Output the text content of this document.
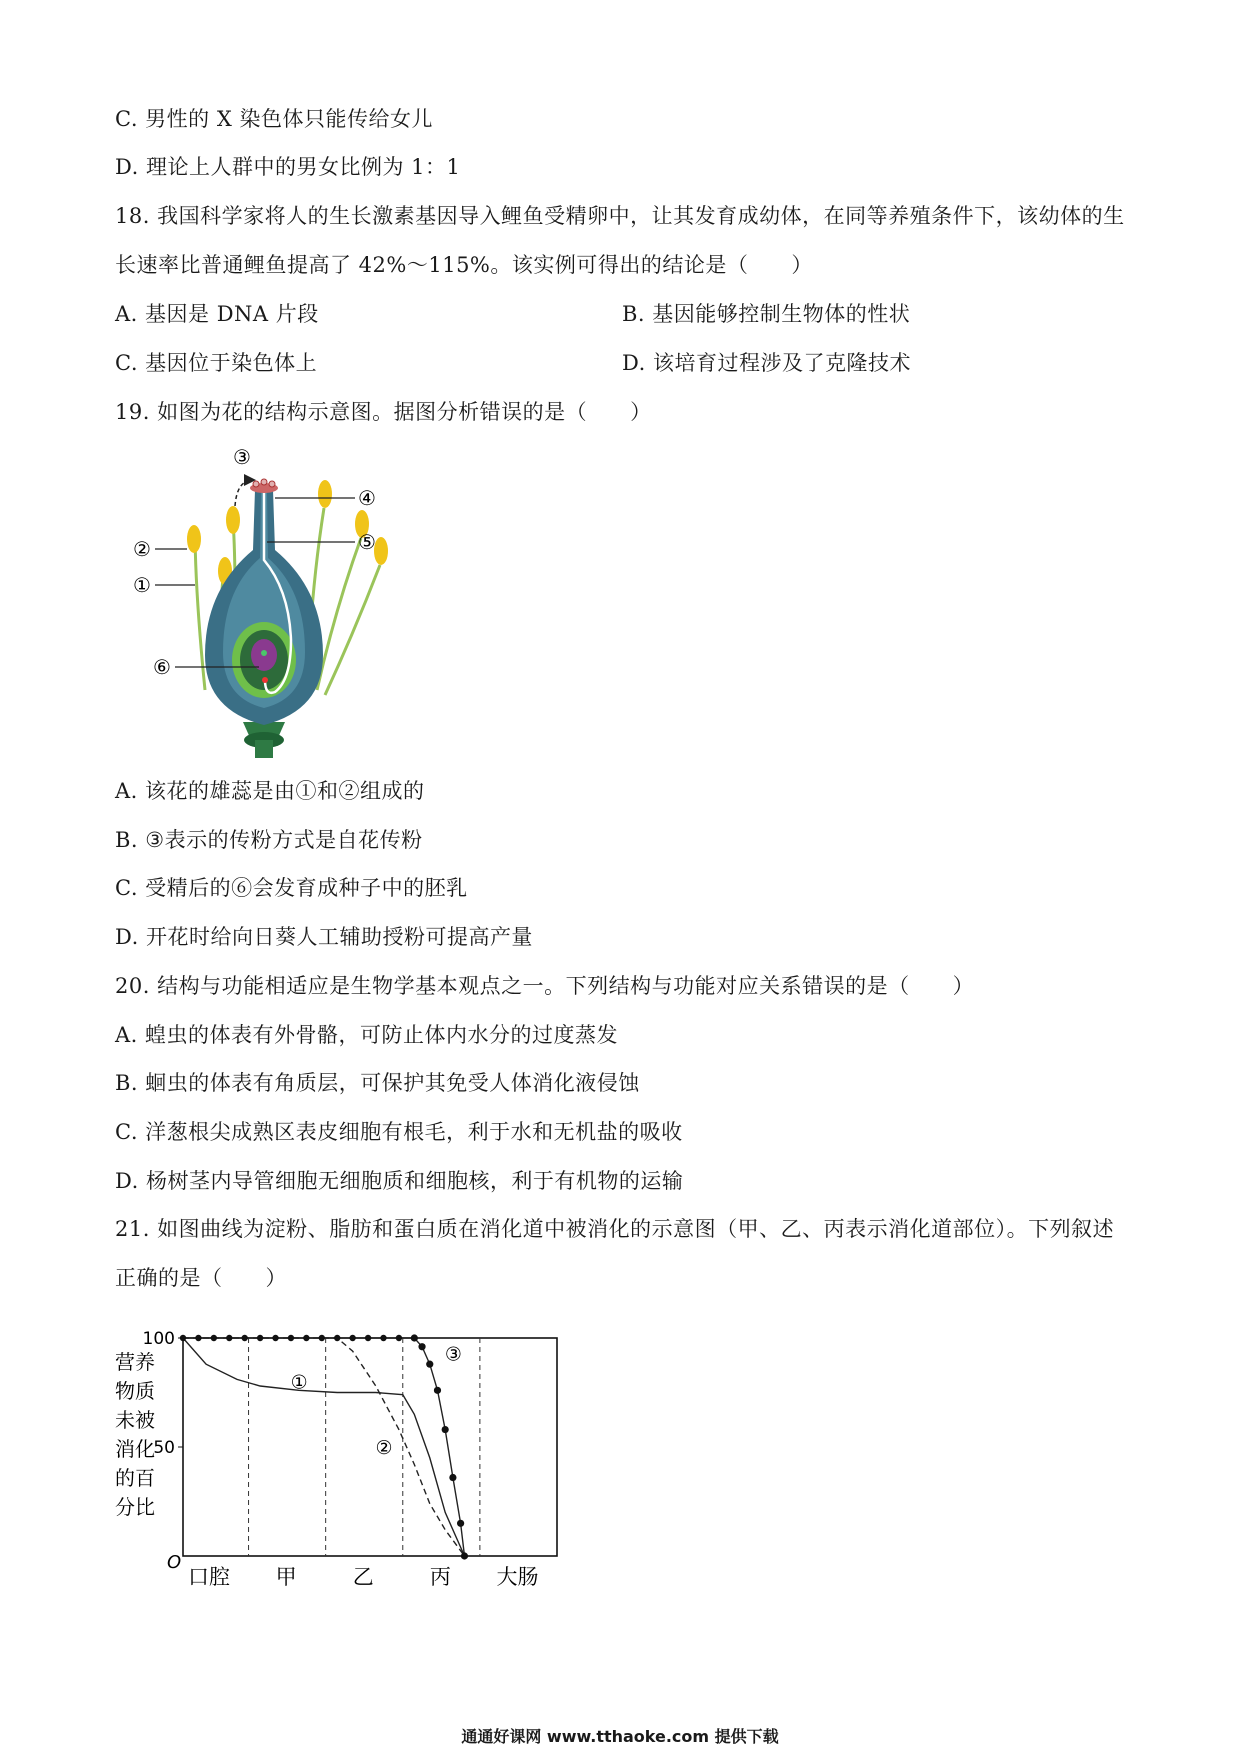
C. 男性的 X 染色体只能传给女儿
D. 理论上人群中的男女比例为 1：1
18. 我国科学家将人的生长激素基因导入鲤鱼受精卵中，让其发育成幼体，在同等养殖条件下，该幼体的生
长速率比普通鲤鱼提高了 42%～115%。该实例可得出的结论是（　　）
A. 基因是 DNA 片段	B. 基因能够控制生物体的性状
C. 基因位于染色体上	D. 该培育过程涉及了克隆技术
19. 如图为花的结构示意图。据图分析错误的是（　　）
①
②
③
④
⑤
⑥
A. 该花的雄蕊是由①和②组成的
B. ③表示的传粉方式是自花传粉
C. 受精后的⑥会发育成种子中的胚乳
D. 开花时给向日葵人工辅助授粉可提高产量
20. 结构与功能相适应是生物学基本观点之一。下列结构与功能对应关系错误的是（　　）
A. 蝗虫的体表有外骨骼，可防止体内水分的过度蒸发
B. 蛔虫的体表有角质层，可保护其免受人体消化液侵蚀
C. 洋葱根尖成熟区表皮细胞有根毛，利于水和无机盐的吸收
D. 杨树茎内导管细胞无细胞质和细胞核，利于有机物的运输
21. 如图曲线为淀粉、脂肪和蛋白质在消化道中被消化的示意图（甲、乙、丙表示消化道部位）。下列叙述
正确的是（　　）
营养
物质
未被
消化
的百
分比
100
50
O
口腔 甲	乙	丙 大肠
①
②
③
通通好课网 www.tthaoke.com 提供下载
